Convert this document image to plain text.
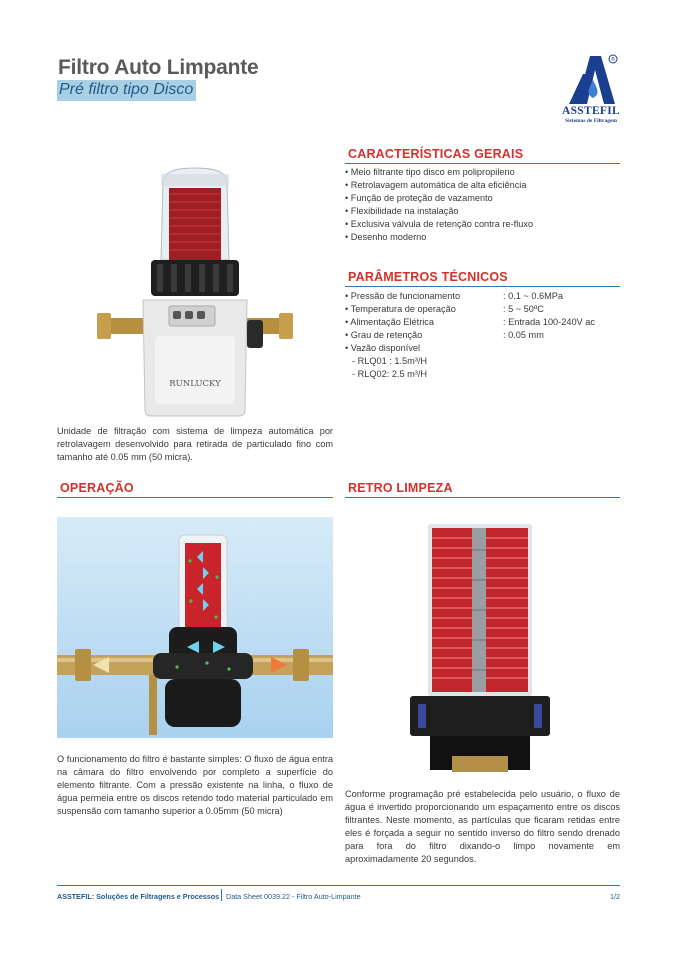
Filtro Auto Limpante
Pré filtro tipo Disco
®
ASSTEFIL
Sistemas de Filtragem
RUNLUCKY
CARACTERÍSTICAS GERAIS
• Meio filtrante tipo disco em polipropileno
• Retrolavagem automática de alta eficiência
• Função de proteção de vazamento
• Flexibilidade na instalação
• Exclusiva válvula de retenção contra re-fluxo
• Desenho moderno
PARÂMETROS TÉCNICOS
• Pressão de funcionamento	: 0.1 ~ 0.6MPa
• Temperatura de operação	: 5 ~ 50ºC
• Alimentação Elétrica	: Entrada 100-240V ac
• Grau de retenção	: 0.05 mm
• Vazão disponível
- RLQ01 : 1.5m³/H
- RLQ02: 2.5 m³/H
Unidade de filtração com sistema de limpeza automática por retrolavagem desenvolvido para retirada de particulado fino com tamanho até 0.05 mm (50 micra).
OPERAÇÃO
O funcionamento do filtro é bastante simples: O fluxo de água entra na câmara do filtro envolvendo por completo a superfície do elemento filtrante. Com a pressão existente na linha, o fluxo de água permeia entre os discos retendo todo material particulado em suspensão com tamanho superior a 0.05mm (50 micra)
RETRO LIMPEZA
Conforme programação pré estabelecida pelo usuário, o fluxo de água é invertido proporcionando um espaçamento entre os discos filtrantes. Neste momento, as partículas que ficaram retidas entre eles é forçada a seguir no sentido inverso do filtro sendo drenado para fora do filtro dixando-o limpo novamente em aproximadamente 20 segundos.
ASSTEFIL: Soluções de Filtragens e Processos Data Sheet 0039.22 - Filtro Auto-Limpante	1/2
